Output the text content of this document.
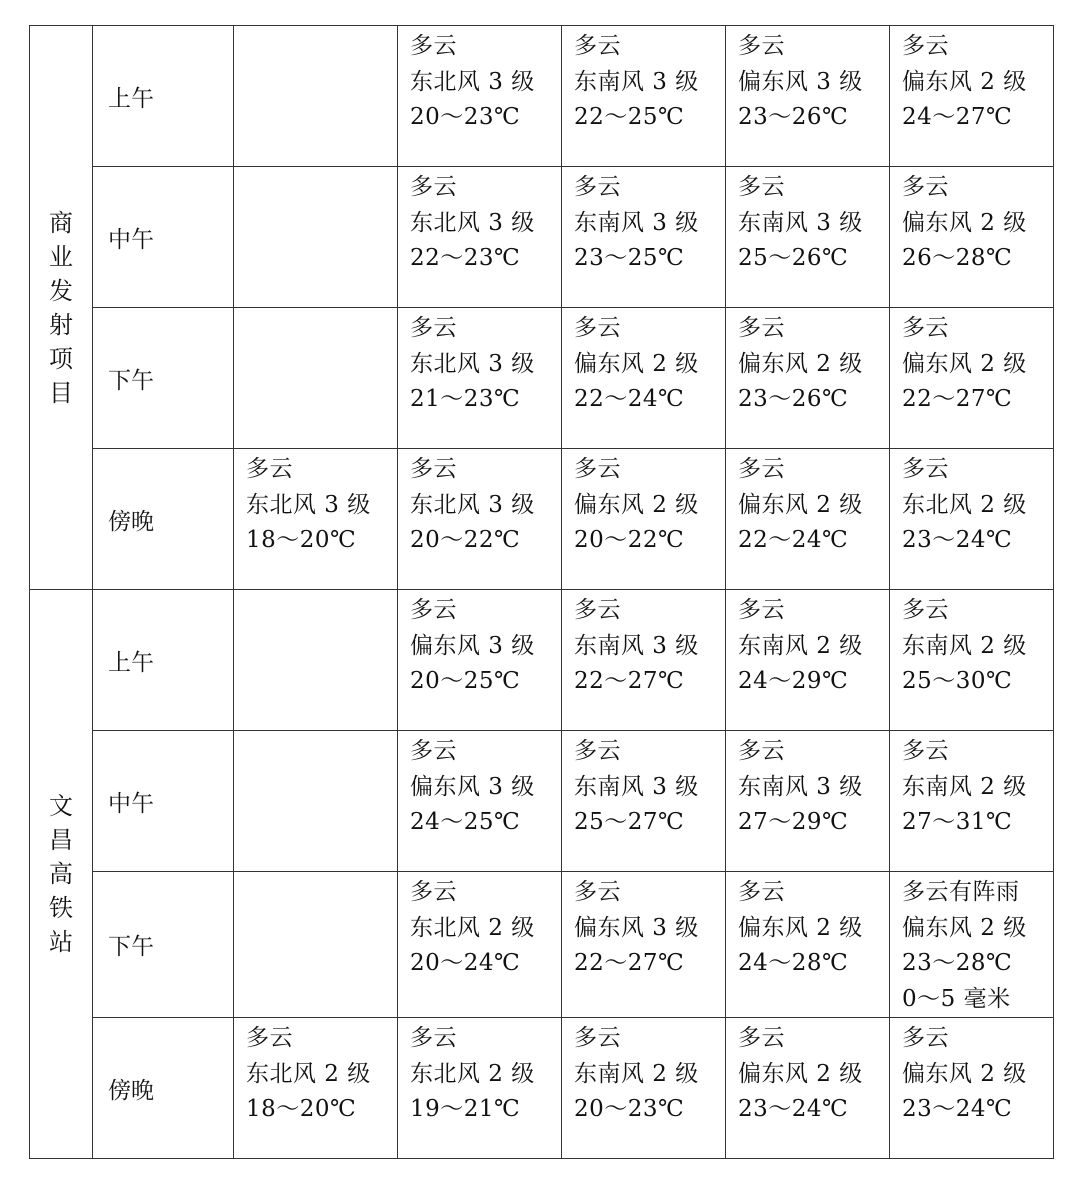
商业发射项目	上午		多云
东北风 3 级
20～23℃	多云
东南风 3 级
22～25℃	多云
偏东风 3 级
23～26℃	多云
偏东风 2 级
24～27℃

	中午		多云
东北风 3 级
22～23℃	多云
东南风 3 级
23～25℃	多云
东南风 3 级
25～26℃	多云
偏东风 2 级
26～28℃

	下午		多云
东北风 3 级
21～23℃	多云
偏东风 2 级
22～24℃	多云
偏东风 2 级
23～26℃	多云
偏东风 2 级
22～27℃

	傍晚	多云
东北风 3 级
18～20℃	多云
东北风 3 级
20～22℃	多云
偏东风 2 级
20～22℃	多云
偏东风 2 级
22～24℃	多云
东北风 2 级
23～24℃

文昌高铁站	上午		多云
偏东风 3 级
20～25℃	多云
东南风 3 级
22～27℃	多云
东南风 2 级
24～29℃	多云
东南风 2 级
25～30℃

	中午		多云
偏东风 3 级
24～25℃	多云
东南风 3 级
25～27℃	多云
东南风 3 级
27～29℃	多云
东南风 2 级
27～31℃

	下午		多云
东北风 2 级
20～24℃	多云
偏东风 3 级
22～27℃	多云
偏东风 2 级
24～28℃	多云有阵雨
偏东风 2 级
23～28℃
0～5 毫米

	傍晚	多云
东北风 2 级
18～20℃	多云
东北风 2 级
19～21℃	多云
东南风 2 级
20～23℃	多云
偏东风 2 级
23～24℃	多云
偏东风 2 级
23～24℃
